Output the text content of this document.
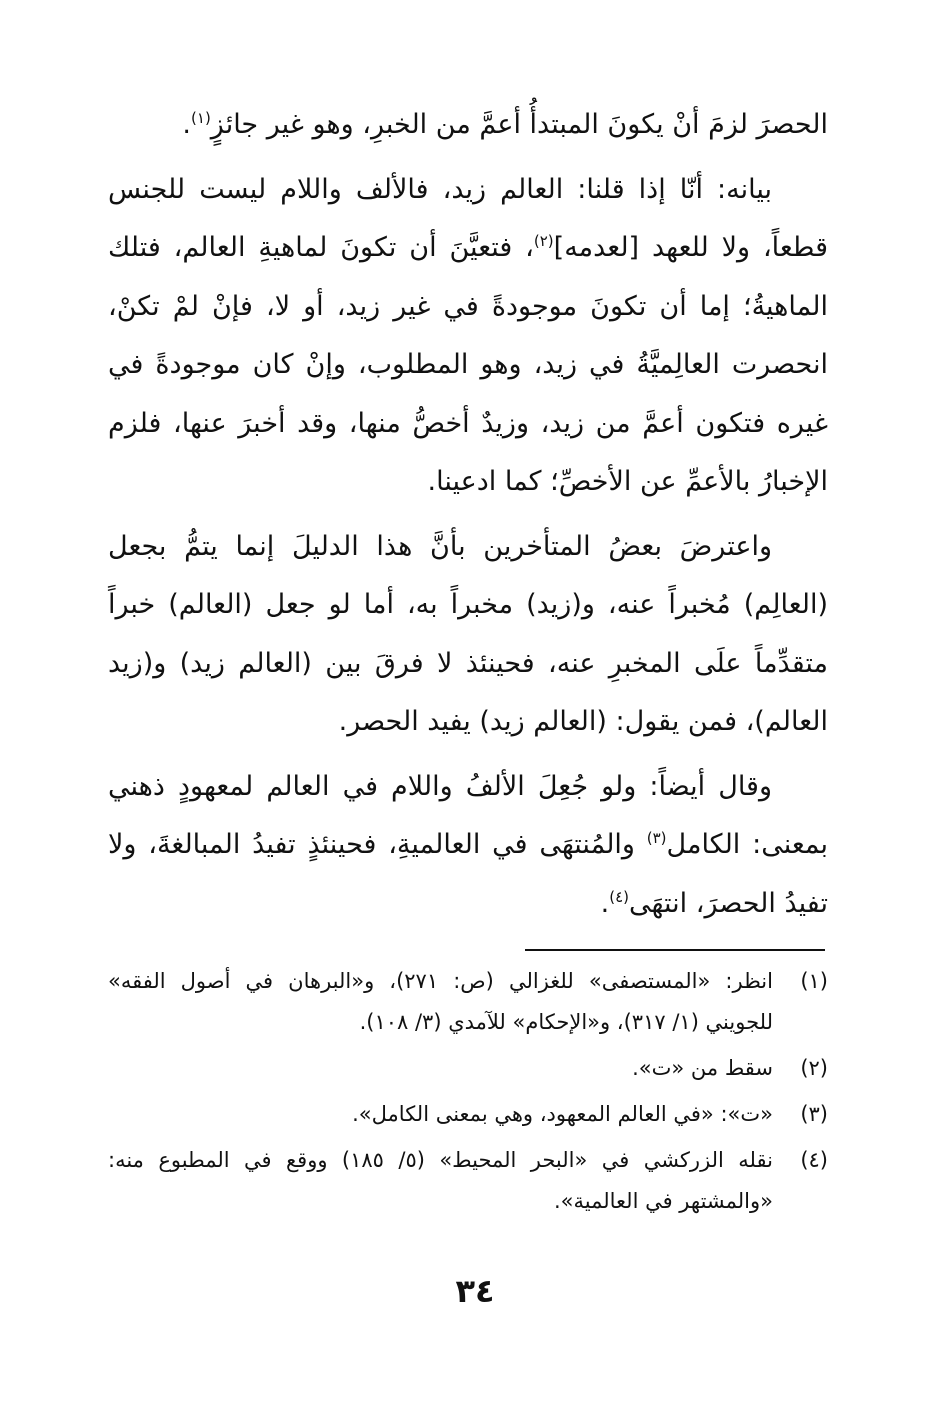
الحصرَ لزمَ أنْ يكونَ المبتدأُ أعمَّ من الخبرِ، وهو غير جائزٍ$^{(١)}$.

بيانه: أنّا إذا قلنا: العالم زيد، فالألف واللام ليست للجنس قطعاً، ولا للعهد [لعدمه]$^{(٢)}$، فتعيَّنَ أن تكونَ لماهيةِ العالم، فتلك الماهيةُ؛ إما أن تكونَ موجودةً في غير زيد، أو لا، فإنْ لمْ تكنْ، انحصرت العالِميَّةُ في زيد، وهو المطلوب، وإنْ كان موجودةً في غيره فتكون أعمَّ من زيد، وزيدٌ أخصُّ منها، وقد أخبرَ عنها، فلزم الإخبارُ بالأعمِّ عن الأخصِّ؛ كما ادعينا.

واعترضَ بعضُ المتأخرين بأنَّ هذا الدليلَ إنما يتمُّ بجعل (العالِم) مُخبراً عنه، و(زيد) مخبراً به، أما لو جعل (العالم) خبراً متقدِّماً علَى المخبرِ عنه، فحينئذ لا فرقَ بين (العالم زيد) و(زيد العالم)، فمن يقول: (العالم زيد) يفيد الحصر.

وقال أيضاً: ولو جُعِلَ الألفُ واللام في العالم لمعهودٍ ذهني بمعنى: الكامل$^{(٣)}$ والمُنتهَى في العالميةِ، فحينئذٍ تفيدُ المبالغةَ، ولا تفيدُ الحصرَ، انتهَى$^{(٤)}$.

(١)
انظر: «المستصفى» للغزالي (ص: ٢٧١)، و«البرهان في أصول الفقه» للجويني (١/ ٣١٧)، و«الإحكام» للآمدي (٣/ ١٠٨).
(٢)
سقط من «ت».
(٣)
«ت»: «في العالم المعهود، وهي بمعنى الكامل».
(٤)
نقله الزركشي في «البحر المحيط» (٥/ ١٨٥) ووقع في المطبوع منه: «والمشتهر في العالمية».
٣٤
